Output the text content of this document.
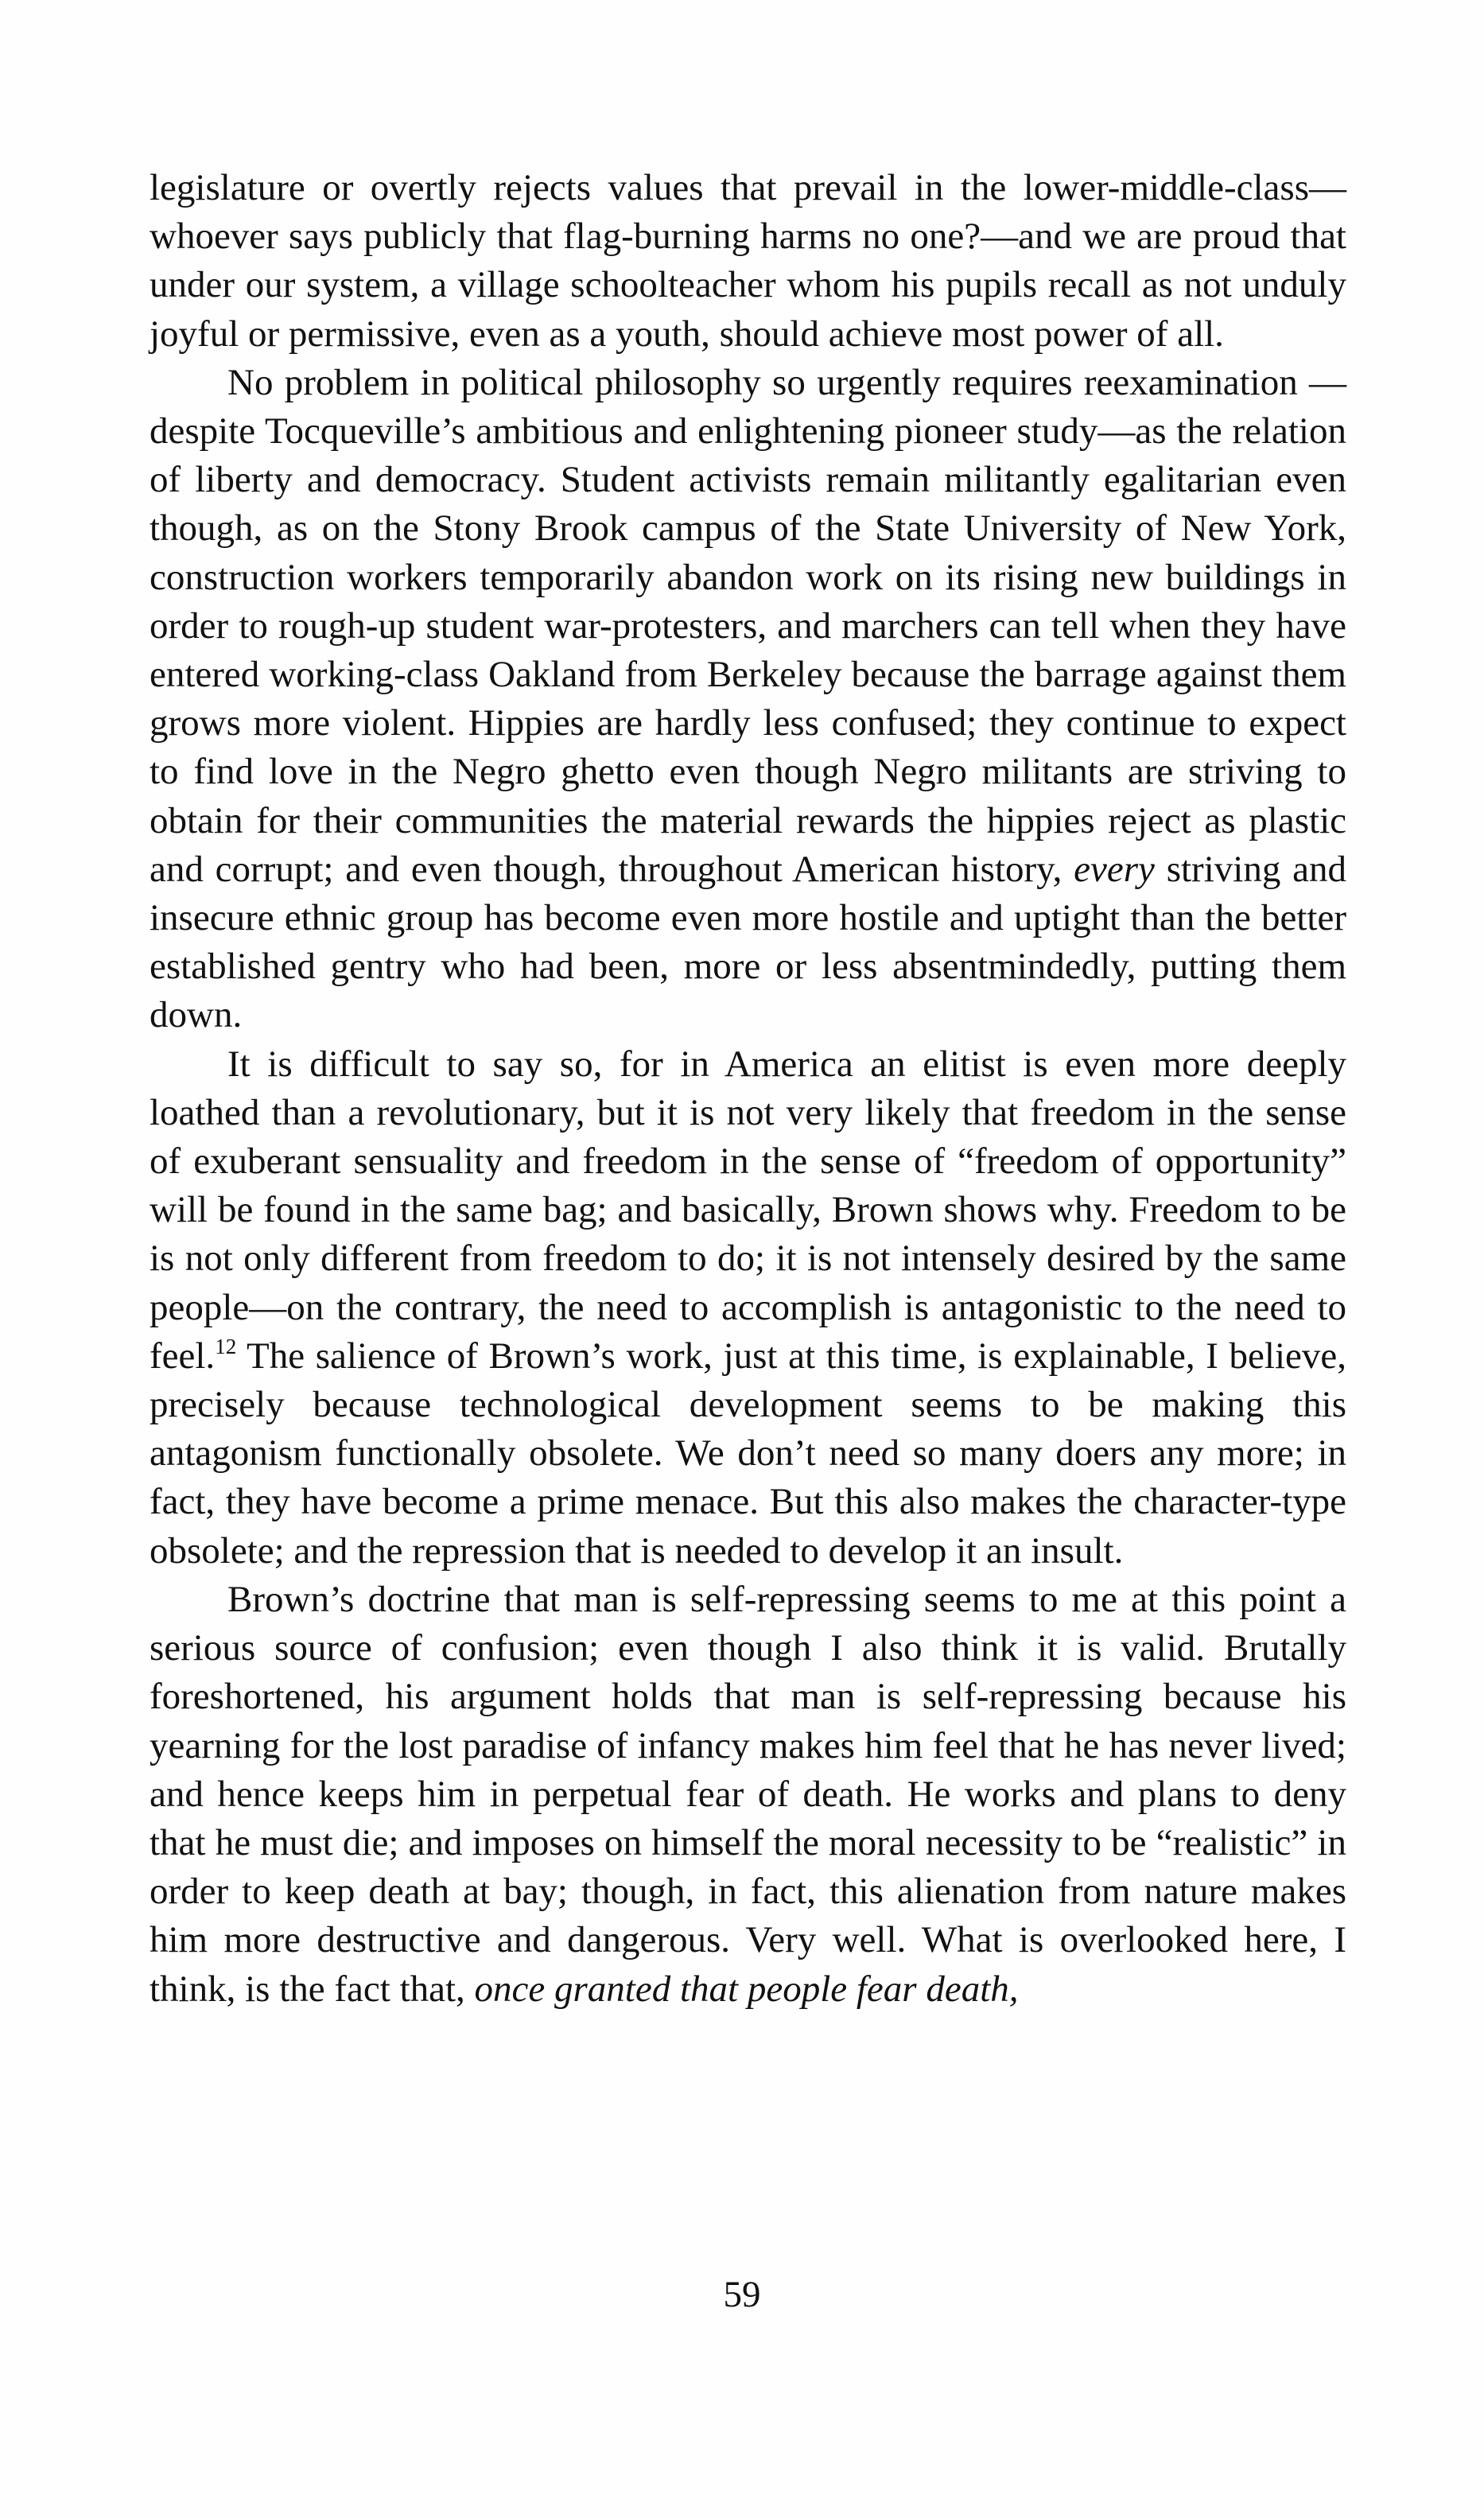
legislature or overtly rejects values that prevail in the lower-middle-class—whoever says publicly that flag-burning harms no one?—and we are proud that under our system, a village schoolteacher whom his pupils recall as not unduly joyful or permissive, even as a youth, should achieve most power of all.

No problem in political philosophy so urgently requires reexamination —despite Tocqueville’s ambitious and enlightening pioneer study—as the relation of liberty and democracy. Student activists remain militantly egalitarian even though, as on the Stony Brook campus of the State University of New York, construction workers temporarily abandon work on its rising new buildings in order to rough-up student war-protesters, and marchers can tell when they have entered working-class Oakland from Berkeley because the barrage against them grows more violent. Hippies are hardly less confused; they continue to expect to find love in the Negro ghetto even though Negro militants are striving to obtain for their communities the material rewards the hippies reject as plastic and corrupt; and even though, throughout American history, every striving and insecure ethnic group has become even more hostile and uptight than the better established gentry who had been, more or less absentmindedly, putting them down.

It is difficult to say so, for in America an elitist is even more deeply loathed than a revolutionary, but it is not very likely that freedom in the sense of exuberant sensuality and freedom in the sense of “freedom of opportunity” will be found in the same bag; and basically, Brown shows why. Freedom to be is not only different from freedom to do; it is not intensely desired by the same people—on the contrary, the need to accomplish is antagonistic to the need to feel.$^{12}$ The salience of Brown’s work, just at this time, is explainable, I believe, precisely because technological development seems to be making this antagonism functionally obsolete. We don’t need so many doers any more; in fact, they have become a prime menace. But this also makes the character-type obsolete; and the repression that is needed to develop it an insult.

Brown’s doctrine that man is self-repressing seems to me at this point a serious source of confusion; even though I also think it is valid. Brutally foreshortened, his argument holds that man is self-repressing because his yearning for the lost paradise of infancy makes him feel that he has never lived; and hence keeps him in perpetual fear of death. He works and plans to deny that he must die; and imposes on himself the moral necessity to be “realistic” in order to keep death at bay; though, in fact, this alienation from nature makes him more destructive and dangerous. Very well. What is overlooked here, I think, is the fact that, once granted that people fear death,

59
